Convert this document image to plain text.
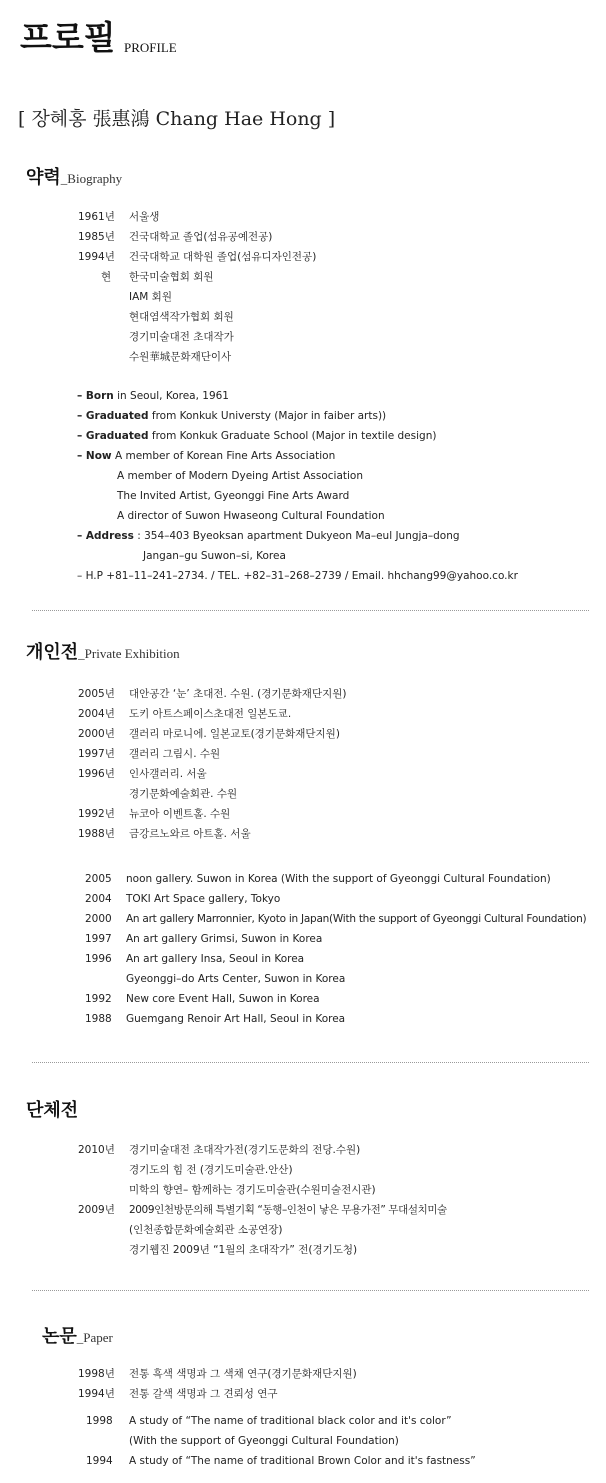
프로필 PROFILE
[ 장혜홍 張惠鴻 Chang Hae Hong ]
약력_Biography
1961년 서울생
1985년 건국대학교 졸업(섬유공예전공)
1994년 건국대학교 대학원 졸업(섬유디자인전공)
현 한국미술협회 회원
IAM 회원
현대염색작가협회 회원
경기미술대전 초대작가
수원華城문화재단이사
– Born in Seoul, Korea, 1961
– Graduated from Konkuk Universty (Major in faiber arts))
– Graduated from Konkuk Graduate School (Major in textile design)
– Now A member of Korean Fine Arts Association
A member of Modern Dyeing Artist Association
The Invited Artist, Gyeonggi Fine Arts Award
A director of Suwon Hwaseong Cultural Foundation
– Address : 354–403 Byeoksan apartment Dukyeon Ma–eul Jungja–dong
Jangan–gu Suwon–si, Korea
– H.P +81–11–241–2734. / TEL. +82–31–268–2739 / Email. hhchang99@yahoo.co.kr
개인전_Private Exhibition
2005년 대안공간 ‘눈’ 초대전. 수원. (경기문화재단지원)
2004년 도키 아트스페이스초대전 일본도쿄.
2000년 갤러리 마로니에. 일본교토(경기문화재단지원)
1997년 갤러리 그림시. 수원
1996년 인사갤러리. 서울
경기문화예술회관. 수원
1992년 뉴코아 이벤트홀. 수원
1988년 금강르노와르 아트홀. 서울
2005 noon gallery. Suwon in Korea (With the support of Gyeonggi Cultural Foundation)
2004 TOKI Art Space gallery, Tokyo
2000 An art gallery Marronnier, Kyoto in Japan(With the support of Gyeonggi Cultural Foundation)
1997 An art gallery Grimsi, Suwon in Korea
1996 An art gallery Insa, Seoul in Korea
Gyeonggi–do Arts Center, Suwon in Korea
1992 New core Event Hall, Suwon in Korea
1988 Guemgang Renoir Art Hall, Seoul in Korea
단체전
2010년 경기미술대전 초대작가전(경기도문화의 전당.수원)
경기도의 힘 전 (경기도미술관.안산)
미학의 향연– 함께하는 경기도미술관(수원미술전시관)
2009년 2009인천방문의해 특별기획 “동행–인천이 낳은 무용가전” 무대설치미술
(인천종합문화예술회관 소공연장)
경기웹진 2009년 “1월의 초대작가” 전(경기도청)
논문_Paper
1998년 전통 흑색 색명과 그 색채 연구(경기문화재단지원)
1994년 전통 갈색 색명과 그 견뢰성 연구
1998 A study of “The name of traditional black color and it's color”
(With the support of Gyeonggi Cultural Foundation)
1994 A study of “The name of traditional Brown Color and it's fastness”
